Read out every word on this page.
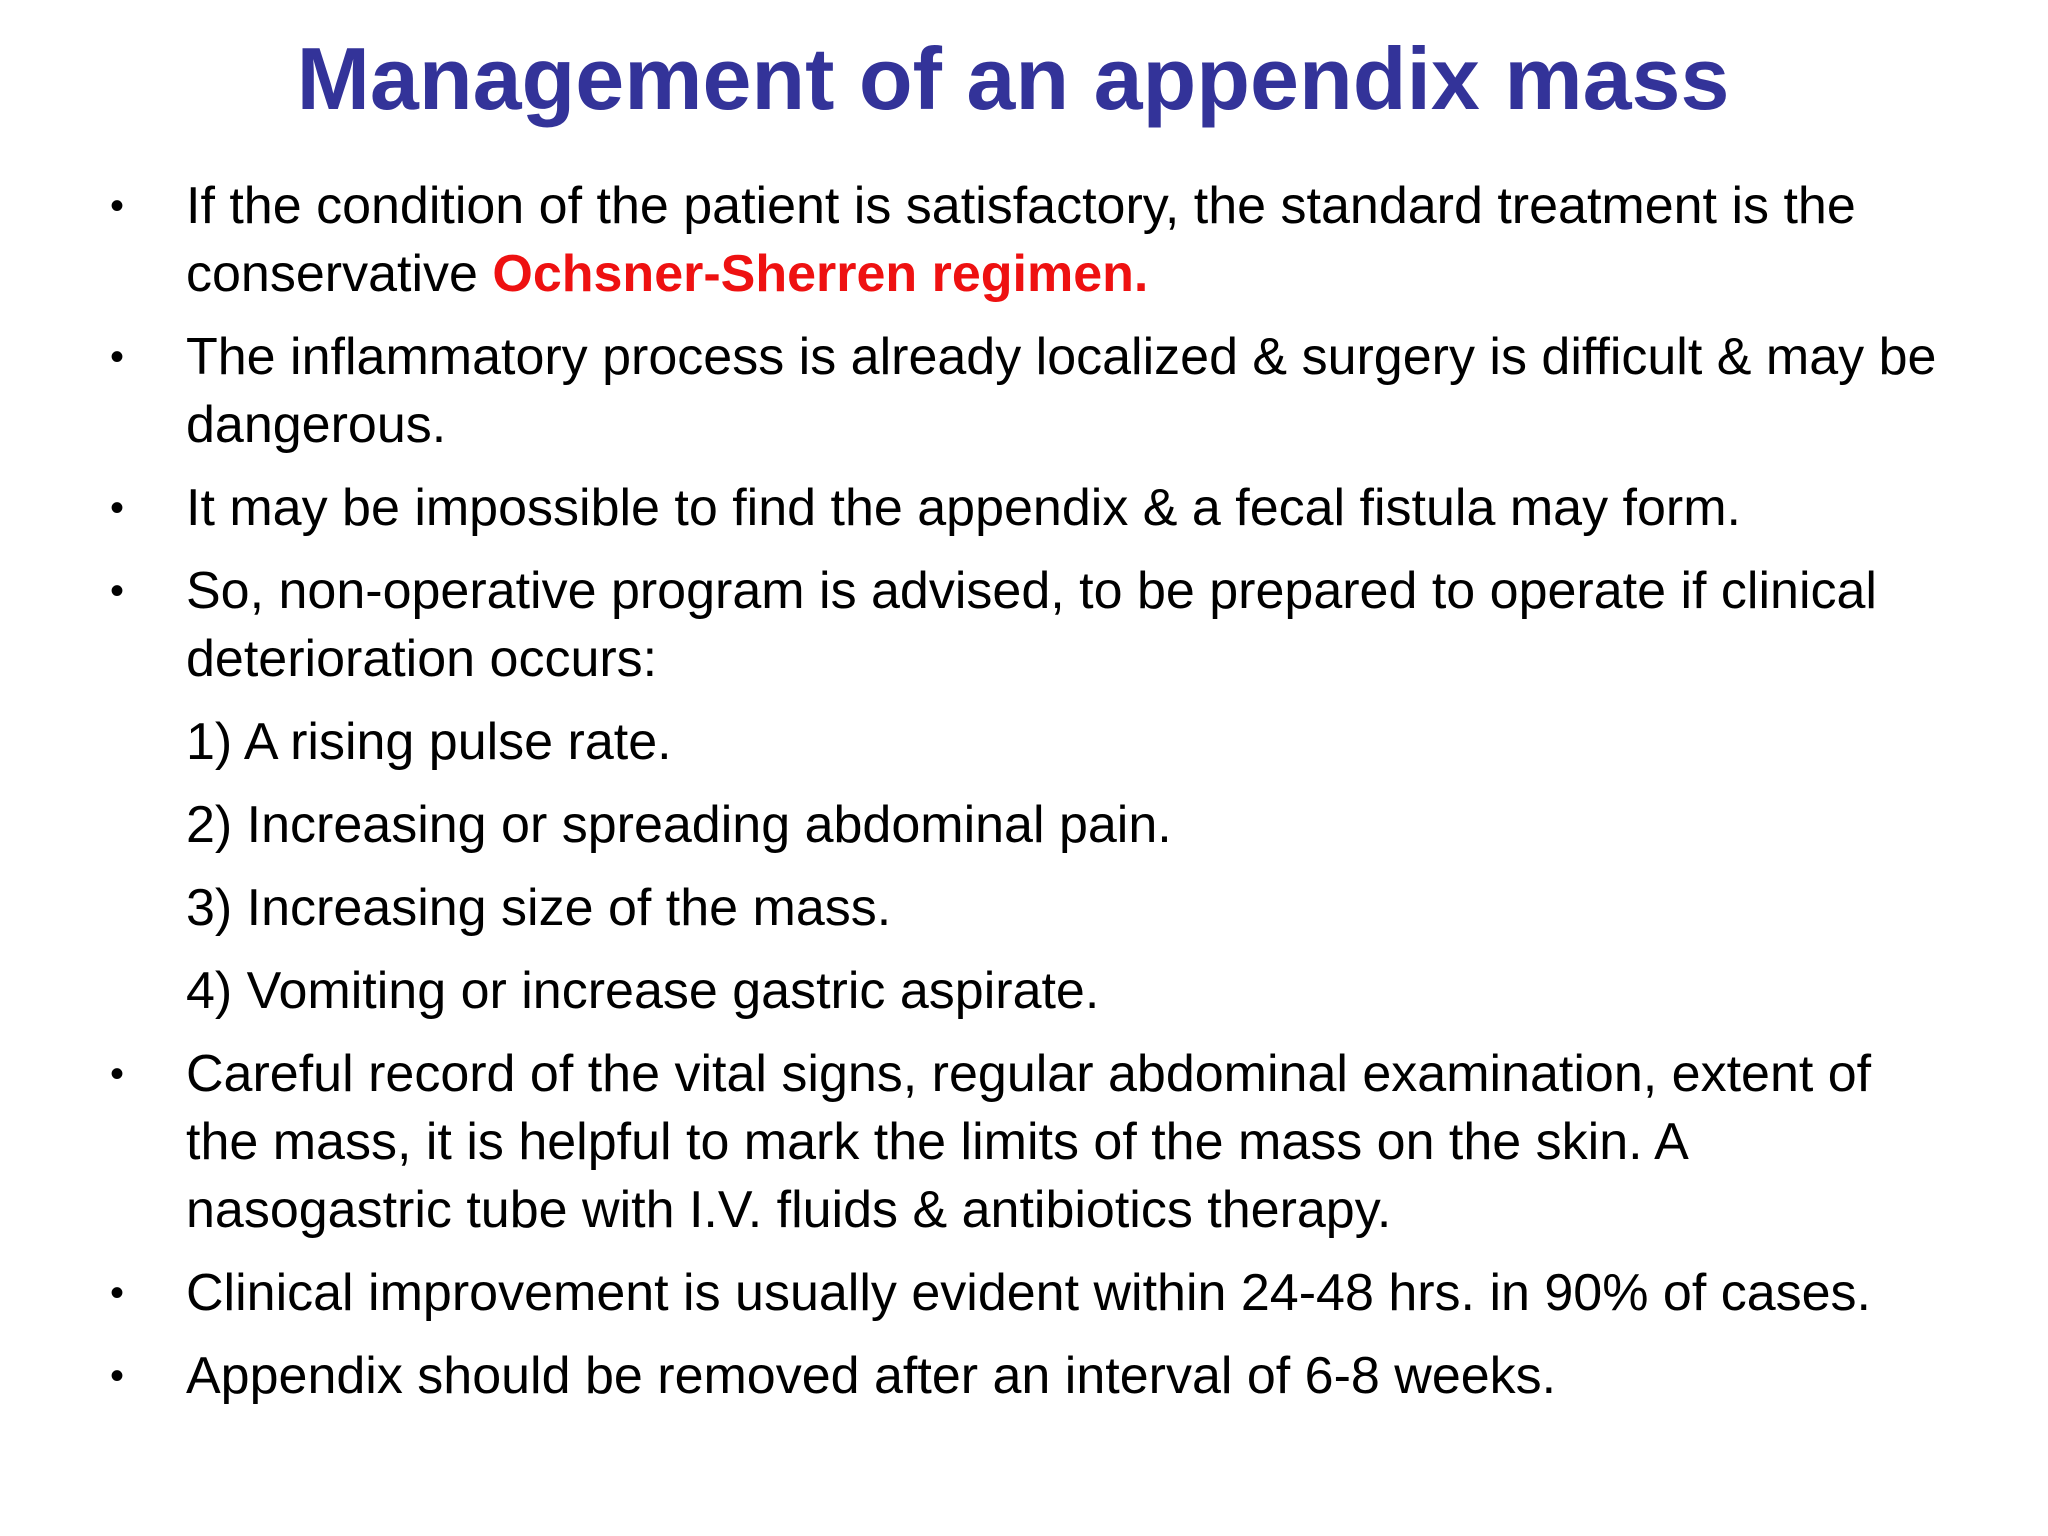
Management of an appendix mass
•	If the condition of the patient is satisfactory, the standard treatment is the conservative Ochsner-Sherren regimen.
•	The inflammatory process is already localized & surgery is difficult & may be dangerous.
•	It may be impossible to find the appendix & a fecal fistula may form.
•	So, non-operative program is advised, to be prepared to operate if clinical deterioration occurs:
1) A rising pulse rate.
2) Increasing or spreading abdominal pain.
3) Increasing size of the mass.
4) Vomiting or increase gastric aspirate.
•	Careful record of the vital signs, regular abdominal examination, extent of the mass, it is helpful to mark the limits of the mass on the skin. A nasogastric tube with I.V. fluids & antibiotics therapy.
•	Clinical improvement is usually evident within 24-48 hrs. in 90% of cases.
•	Appendix should be removed after an interval of 6-8 weeks.
